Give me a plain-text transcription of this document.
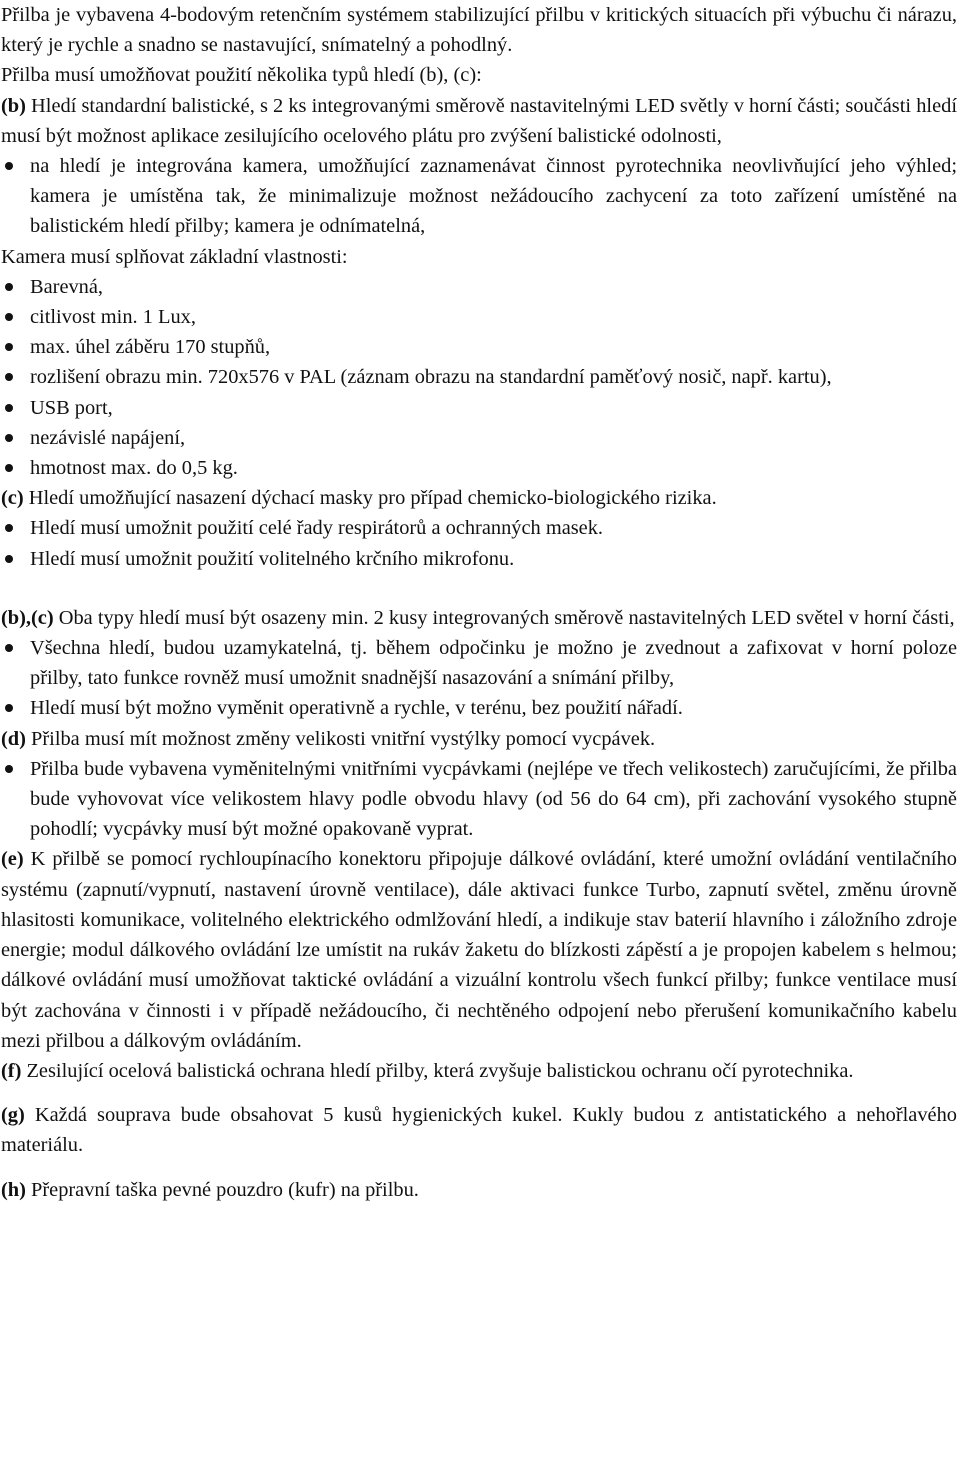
Přilba je vybavena 4-bodovým retenčním systémem stabilizující přilbu v kritických situacích při výbuchu či nárazu, který je rychle a snadno se nastavující, snímatelný a pohodlný.

Přilba musí umožňovat použití několika typů hledí (b), (c):

(b) Hledí standardní balistické, s 2 ks integrovanými směrově nastavitelnými LED světly v horní části; součásti hledí musí být možnost aplikace zesilujícího ocelového plátu pro zvýšení balistické odolnosti,

na hledí je integrována kamera, umožňující zaznamenávat činnost pyrotechnika neovlivňující jeho výhled; kamera je umístěna tak, že minimalizuje možnost nežádoucího zachycení za toto zařízení umístěné na balistickém hledí přilby; kamera je odnímatelná,

Kamera musí splňovat základní vlastnosti:

Barevná,
citlivost min. 1 Lux,
max. úhel záběru 170 stupňů,
rozlišení obrazu min. 720x576 v PAL (záznam obrazu na standardní paměťový nosič, např. kartu),
USB port,
nezávislé napájení,
hmotnost max. do 0,5 kg.

(c) Hledí umožňující nasazení dýchací masky pro případ chemicko-biologického rizika.

Hledí musí umožnit použití celé řady respirátorů a ochranných masek.
Hledí musí umožnit použití volitelného krčního mikrofonu.

(b),(c) Oba typy hledí musí být osazeny min. 2 kusy integrovaných směrově nastavitelných LED světel v horní části,

Všechna hledí, budou uzamykatelná, tj. během odpočinku je možno je zvednout a zafixovat v horní poloze přilby, tato funkce rovněž musí umožnit snadnější nasazování a snímání přilby,
Hledí musí být možno vyměnit operativně a rychle, v terénu, bez použití nářadí.

(d) Přilba musí mít možnost změny velikosti vnitřní vystýlky pomocí vycpávek.

Přilba bude vybavena vyměnitelnými vnitřními vycpávkami (nejlépe ve třech velikostech) zaručujícími, že přilba bude vyhovovat více velikostem hlavy podle obvodu hlavy (od 56 do 64 cm), při zachování vysokého stupně pohodlí; vycpávky musí být možné opakovaně vyprat.

(e) K přilbě se pomocí rychloupínacího konektoru připojuje dálkové ovládání, které umožní ovládání ventilačního systému (zapnutí/vypnutí, nastavení úrovně ventilace), dále aktivaci funkce Turbo, zapnutí světel, změnu úrovně hlasitosti komunikace, volitelného elektrického odmlžování hledí, a indikuje stav baterií hlavního i záložního zdroje energie; modul dálkového ovládání lze umístit na rukáv žaketu do blízkosti zápěstí a je propojen kabelem s helmou; dálkové ovládání musí umožňovat taktické ovládání a vizuální kontrolu všech funkcí přilby; funkce ventilace musí být zachována v činnosti i v případě nežádoucího, či nechtěného odpojení nebo přerušení komunikačního kabelu mezi přilbou a dálkovým ovládáním.

(f) Zesilující ocelová balistická ochrana hledí přilby, která zvyšuje balistickou ochranu očí pyrotechnika.

(g) Každá souprava bude obsahovat 5 kusů hygienických kukel. Kukly budou z antistatického a nehořlavého materiálu.

(h) Přepravní taška pevné pouzdro (kufr) na přilbu.
